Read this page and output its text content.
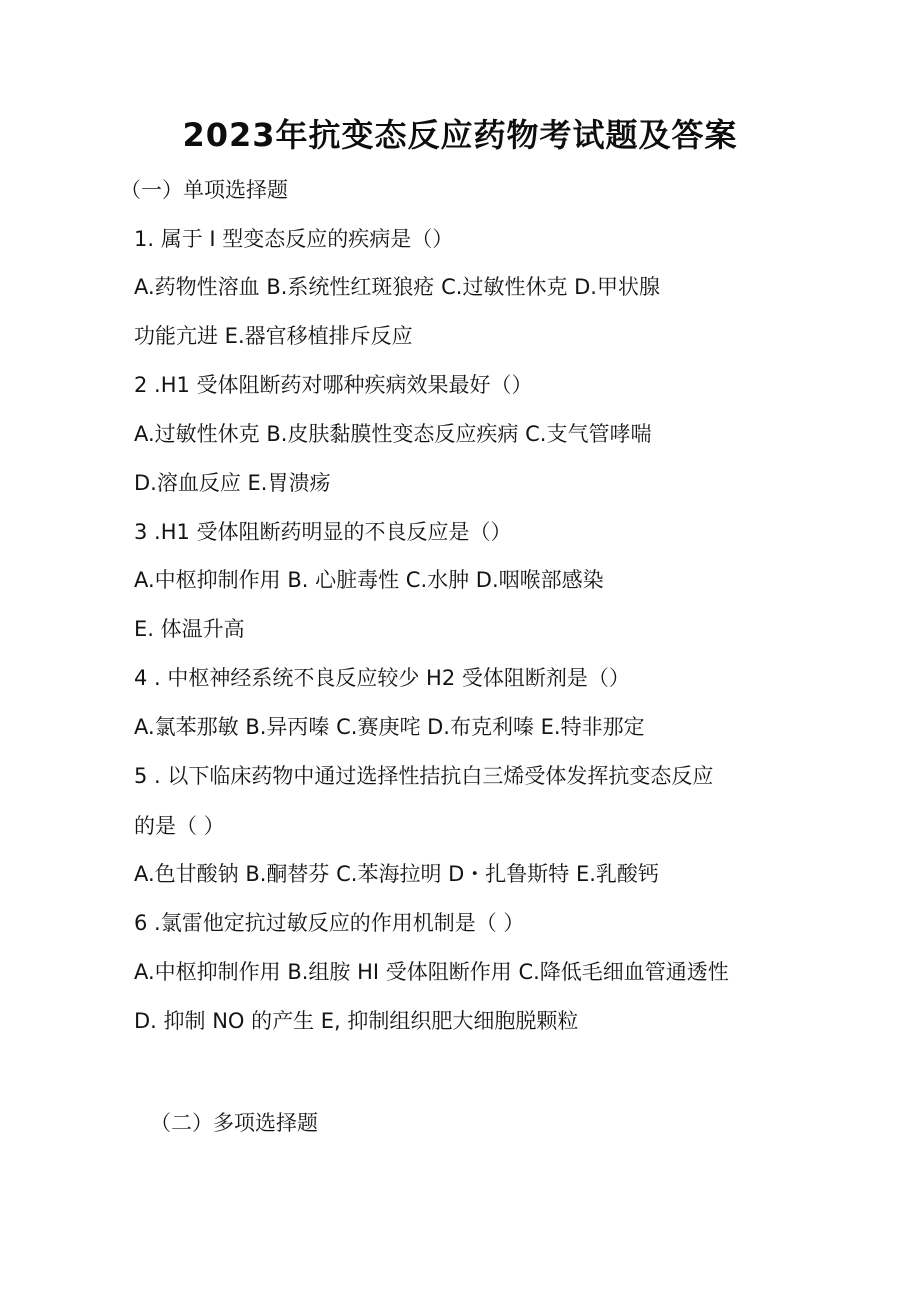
2023年抗变态反应药物考试题及答案
（一）单项选择题
1. 属于 I 型变态反应的疾病是（）
A.药物性溶血 B.系统性红斑狼疮 C.过敏性休克 D.甲状腺
功能亢进 E.器官移植排斥反应
2 .H1 受体阻断药对哪种疾病效果最好（）
A.过敏性休克 B.皮肤黏膜性变态反应疾病 C.支气管哮喘
D.溶血反应 E.胃溃疡
3 .H1 受体阻断药明显的不良反应是（）
A.中枢抑制作用 B. 心脏毒性 C.水肿 D.咽喉部感染
E. 体温升高
4 . 中枢神经系统不良反应较少 H2 受体阻断剂是（）
A.氯苯那敏 B.异丙嗪 C.赛庚咤 D.布克利嗪 E.特非那定
5 . 以下临床药物中通过选择性拮抗白三烯受体发挥抗变态反应
的是（ ）
A.色甘酸钠 B.酮替芬 C.苯海拉明 D・扎鲁斯特 E.乳酸钙
6 .氯雷他定抗过敏反应的作用机制是（ ）
A.中枢抑制作用 B.组胺 HI 受体阻断作用 C.降低毛细血管通透性
D. 抑制 NO 的产生 E, 抑制组织肥大细胞脱颗粒
（二）多项选择题
